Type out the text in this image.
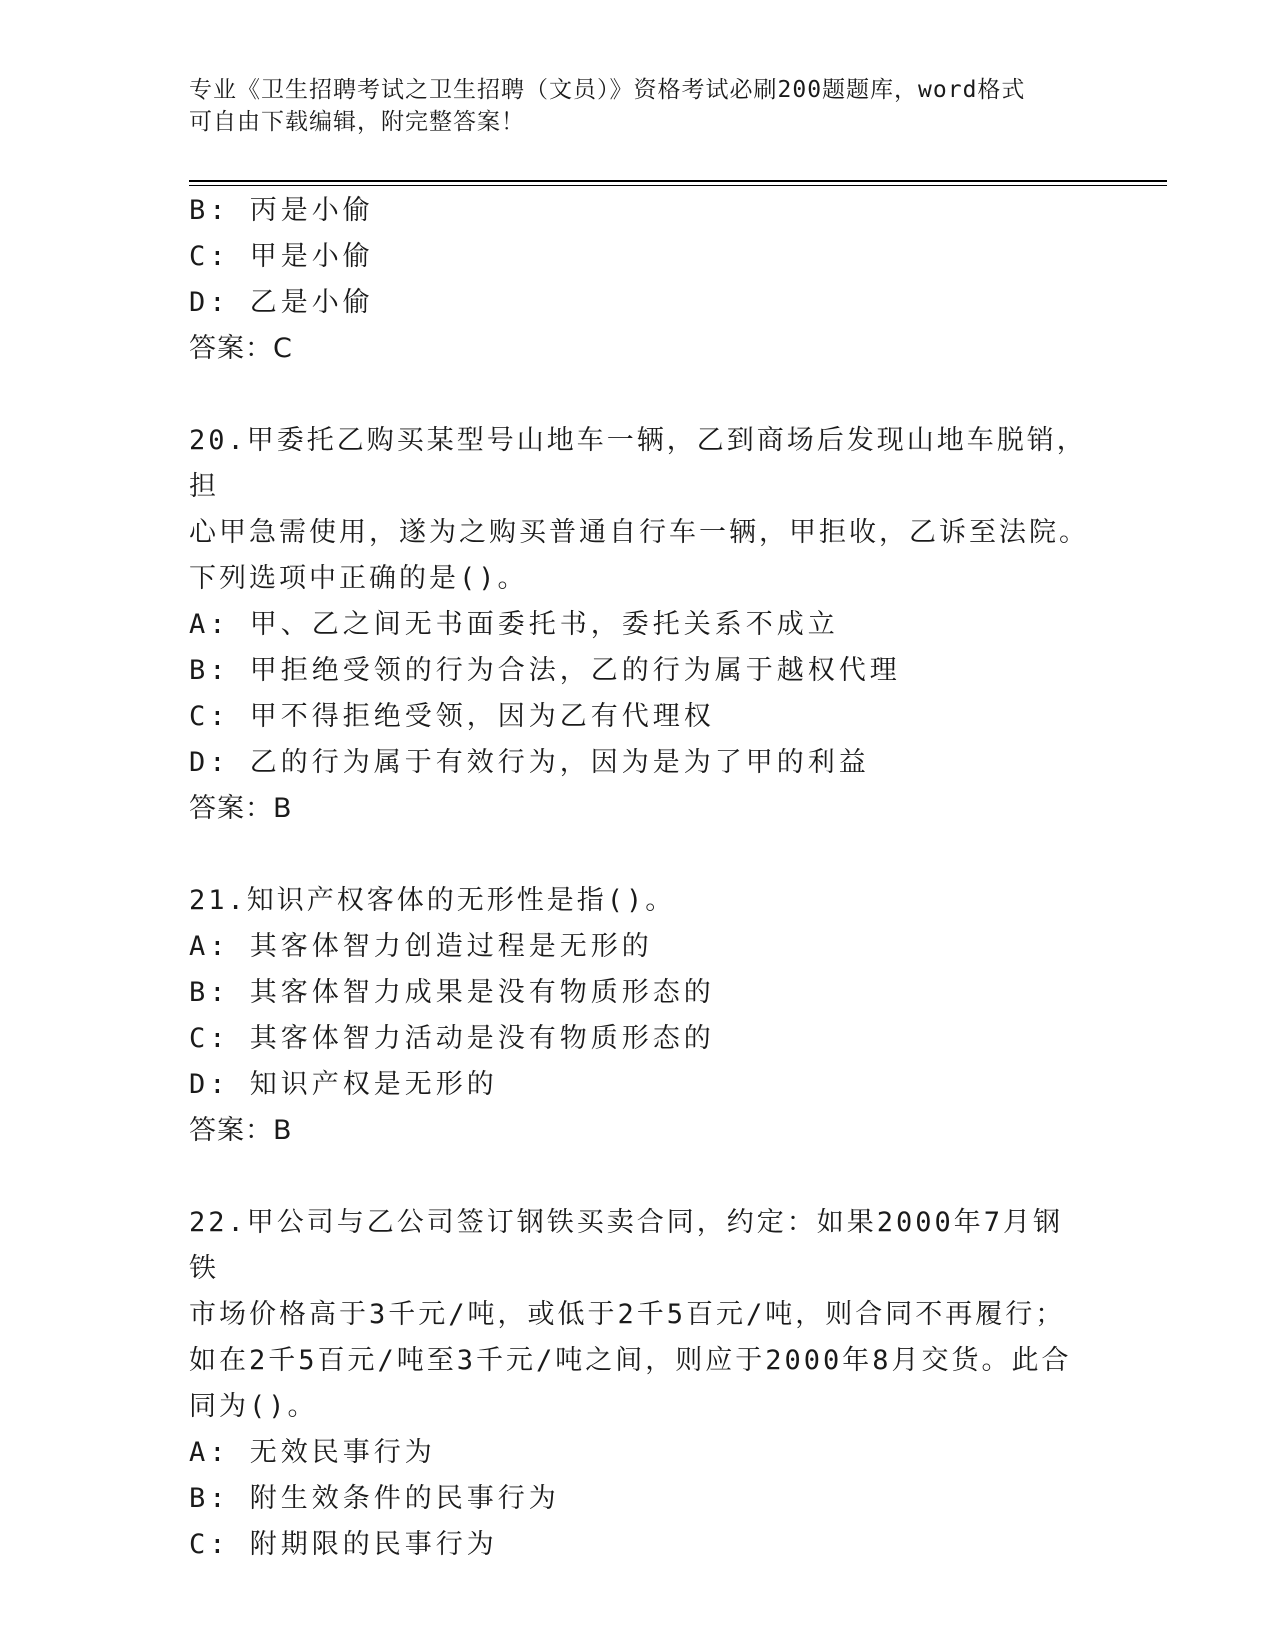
专业《卫生招聘考试之卫生招聘（文员）》资格考试必刷200题题库，word格式
可自由下载编辑，附完整答案！
B: 丙是小偷
C: 甲是小偷
D: 乙是小偷
答案：C
20.甲委托乙购买某型号山地车一辆，乙到商场后发现山地车脱销，担
心甲急需使用，遂为之购买普通自行车一辆，甲拒收，乙诉至法院。
下列选项中正确的是()。
A: 甲、乙之间无书面委托书，委托关系不成立
B: 甲拒绝受领的行为合法，乙的行为属于越权代理
C: 甲不得拒绝受领，因为乙有代理权
D: 乙的行为属于有效行为，因为是为了甲的利益
答案：B
21.知识产权客体的无形性是指()。
A: 其客体智力创造过程是无形的
B: 其客体智力成果是没有物质形态的
C: 其客体智力活动是没有物质形态的
D: 知识产权是无形的
答案：B
22.甲公司与乙公司签订钢铁买卖合同，约定：如果2000年7月钢铁
市场价格高于3千元/吨，或低于2千5百元/吨，则合同不再履行；
如在2千5百元/吨至3千元/吨之间，则应于2000年8月交货。此合
同为()。
A: 无效民事行为
B: 附生效条件的民事行为
C: 附期限的民事行为
